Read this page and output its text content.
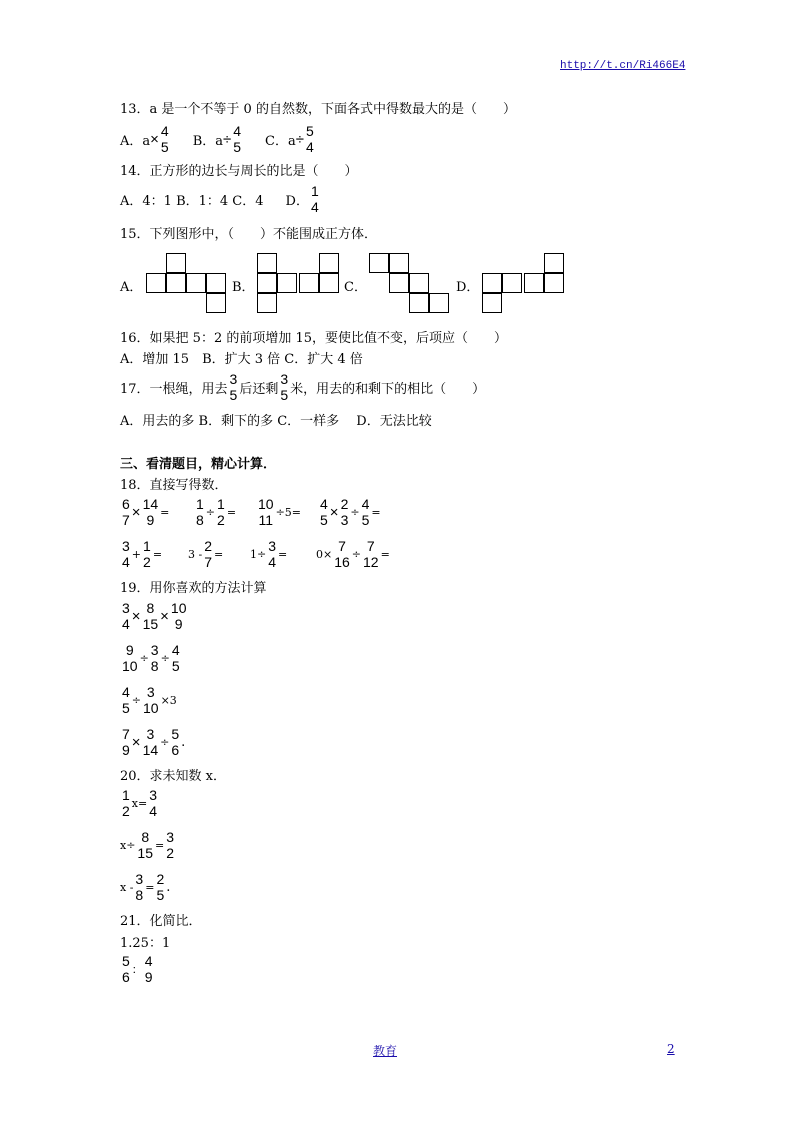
http://t.cn/Ri466E4
13．a 是一个不等于 0 的自然数，下面各式中得数最大的是（　　）
A．a × 4
5 B．a ÷ 4
5 C．a ÷ 5
4
14．正方形的边长与周长的比是（　　）
A．4：1 B．1：4 C．4 D．
1
4
15．下列图形中，（　　）不能围成正方体．
A．	B．	C．	D．
16．如果把 5：2 的前项增加 15，要使比值不变，后项应（　　）
A．增加 15　B．扩大 3 倍 C．扩大 4 倍
17．一根绳，用去
3
5 后还剩
3
5 米，用去的和剩下的相比（　　）
A．用去的多 B．剩下的多 C．一样多　 D．无法比较
三、看清题目，精心计算．
18．直接写得数．
6
7 × 14
9 = 1
8 ÷ 1
2 = 10
11 ÷ 5= 4
5 × 2
3 ÷ 4
5 =
3
4 + 1
2 = 3 - 2
7 = 1÷ 3
4 =	0× 7
16 ÷ 7
12 =
19．用你喜欢的方法计算
3
4 × 8
15 × 10
9
9
10 ÷ 3
8 ÷ 4
5
4
5 ÷ 3
10 ×3
7
9 × 3
14 ÷ 5
6 .
20．求未知数 x．
1
2 x= 3
4
x÷ 8
15 = 3
2
x - 3
8 = 2
5 .
21．化简比．
1.25：1
5
6 ：
4
9
教育	2
